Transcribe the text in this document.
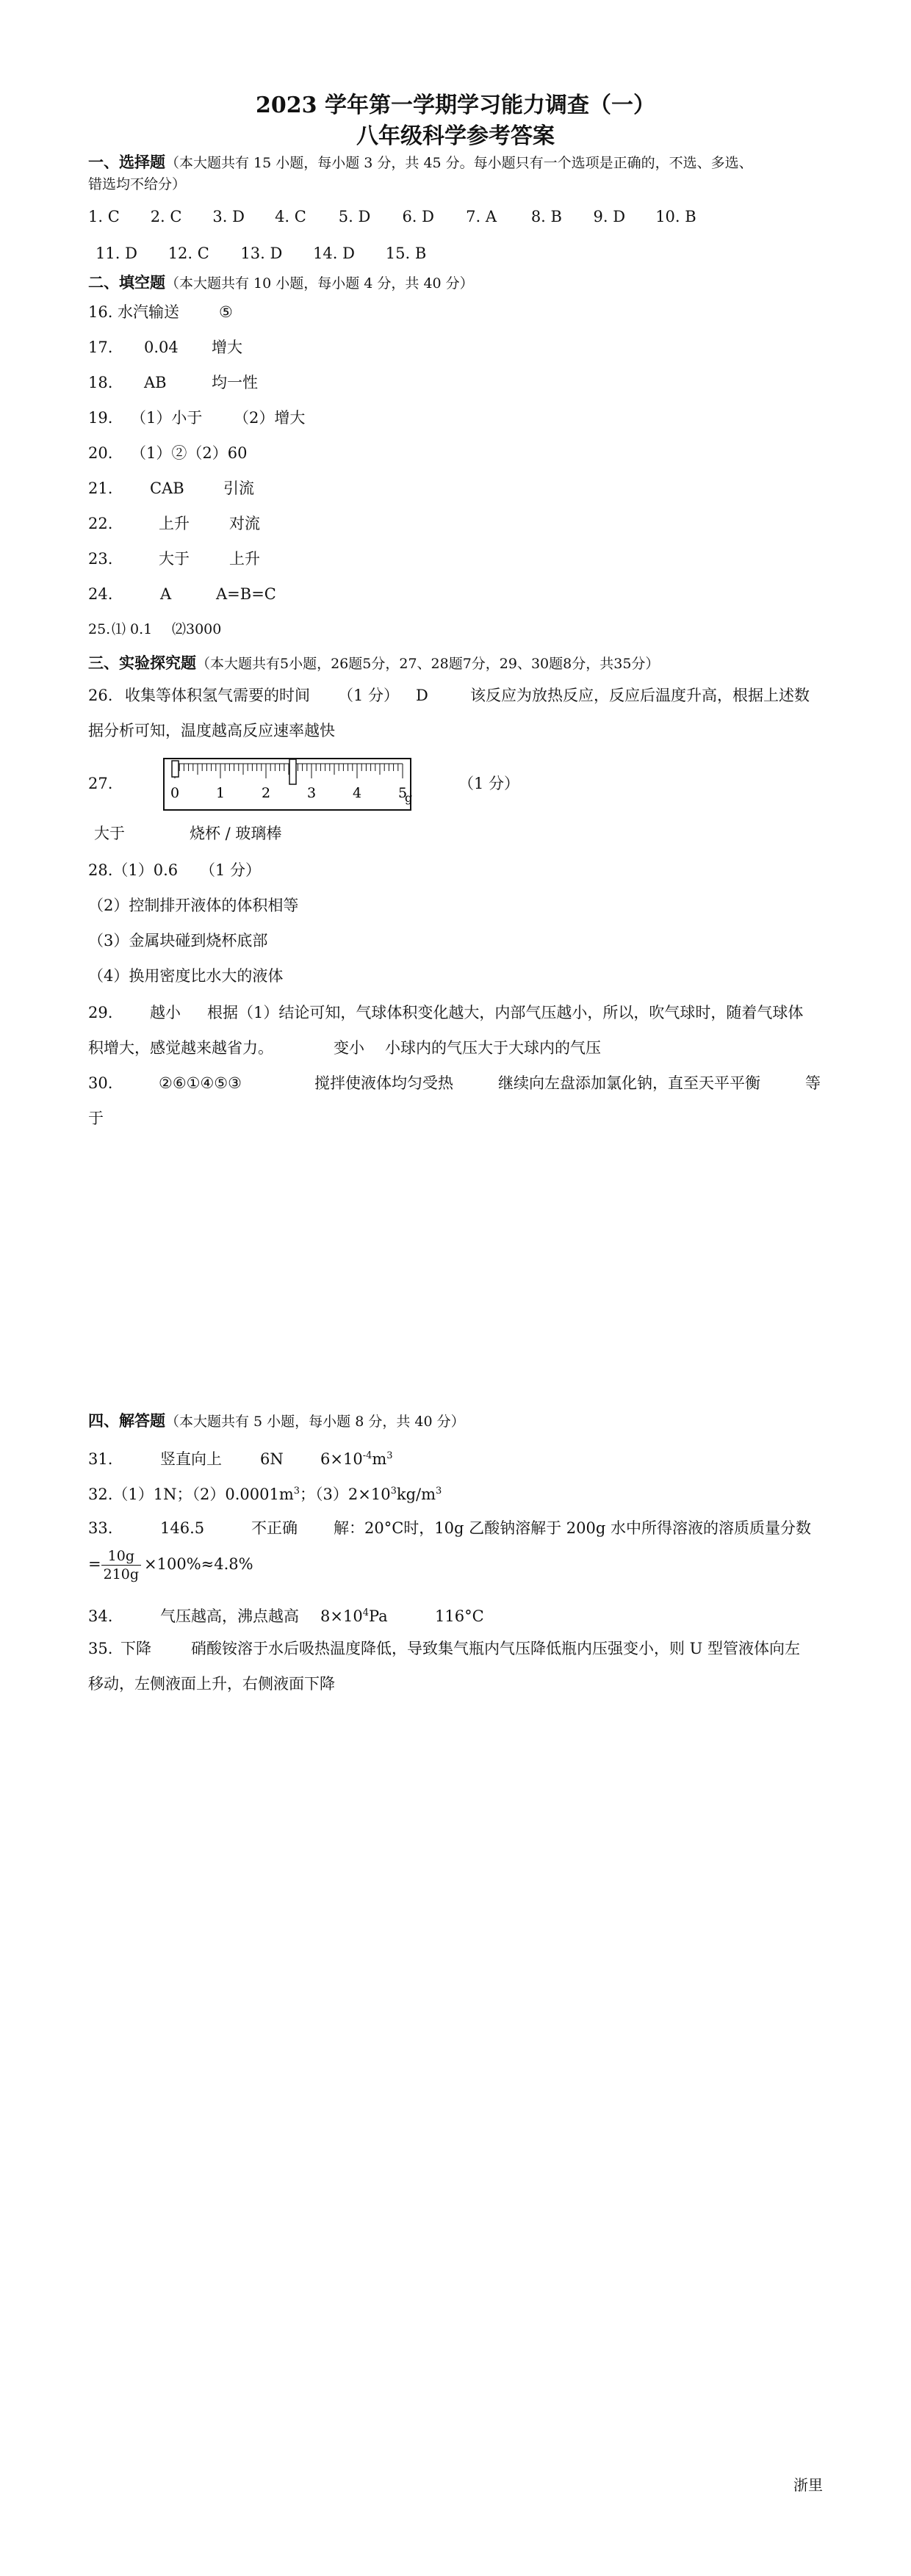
2023 学年第一学期学习能力调查（一）
八年级科学参考答案
一、选择题（本大题共有 15 小题，每小题 3 分，共 45 分。每小题只有一个选项是正确的，不选、多选、
错选均不给分）
1. C 2. C 3. D 4. C 5. D 6. D 7. A 8. B 9. D 10. B
11. D 12. C 13. D 14. D 15. B
二、填空题（本大题共有 10 小题，每小题 4 分，共 40 分）
16. 水汽输送	⑤
17. 0.04 增大
18. AB	均一性
19. （1）小于 （2）增大
20. （1）②（2）60
21. CAB	引流
22.	上升	对流
23.	大于	上升
24.	A	A=B=C
25.⑴ 0.1 ⑵3000
三、实验探究题（本大题共有5小题，26题5分，27、28题7分，29、30题8分，共35分）
26. 收集等体积氢气需要的时间 （1 分） D	该反应为放热反应，反应后温度升高，根据上述数
据分析可知，温度越高反应速率越快
27.
0	1	2	3	4	5
g
（1 分）
大于	烧杯 / 玻璃棒
28.（1）0.6 （1 分）
（2）控制排开液体的体积相等
（3）金属块碰到烧杯底部
（4）换用密度比水大的液体
29. 越小 根据（1）结论可知，气球体积变化越大，内部气压越小，所以，吹气球时，随着气球体
积增大，感觉越来越省力。	变小 小球内的气压大于大球内的气压
30.	②⑥①④⑤③	搅拌使液体均匀受热	继续向左盘添加氯化钠，直至天平平衡	等
于
四、解答题（本大题共有 5 小题，每小题 8 分，共 40 分）
31.	竖直向上 6N $6\times 10^{-4}m^3$
32.（1）1N；$(2)0.0001m^3$；$(3)2\times 10^3kg/m^3$
33.	146.5	不正确 解：20°C时，10g 乙酸钠溶解于 200g 水中所得溶液的溶质质量分数
= $\frac{10g}{210g} \times 100\%\approx 4.8\%$
34.	气压越高，沸点越高 $8\times 10^4Pa$	116°C
35. 下降	硝酸铵溶于水后吸热温度降低，导致集气瓶内气压降低瓶内压强变小，则 U 型管液体向左
移动，左侧液面上升，右侧液面下降
浙里
